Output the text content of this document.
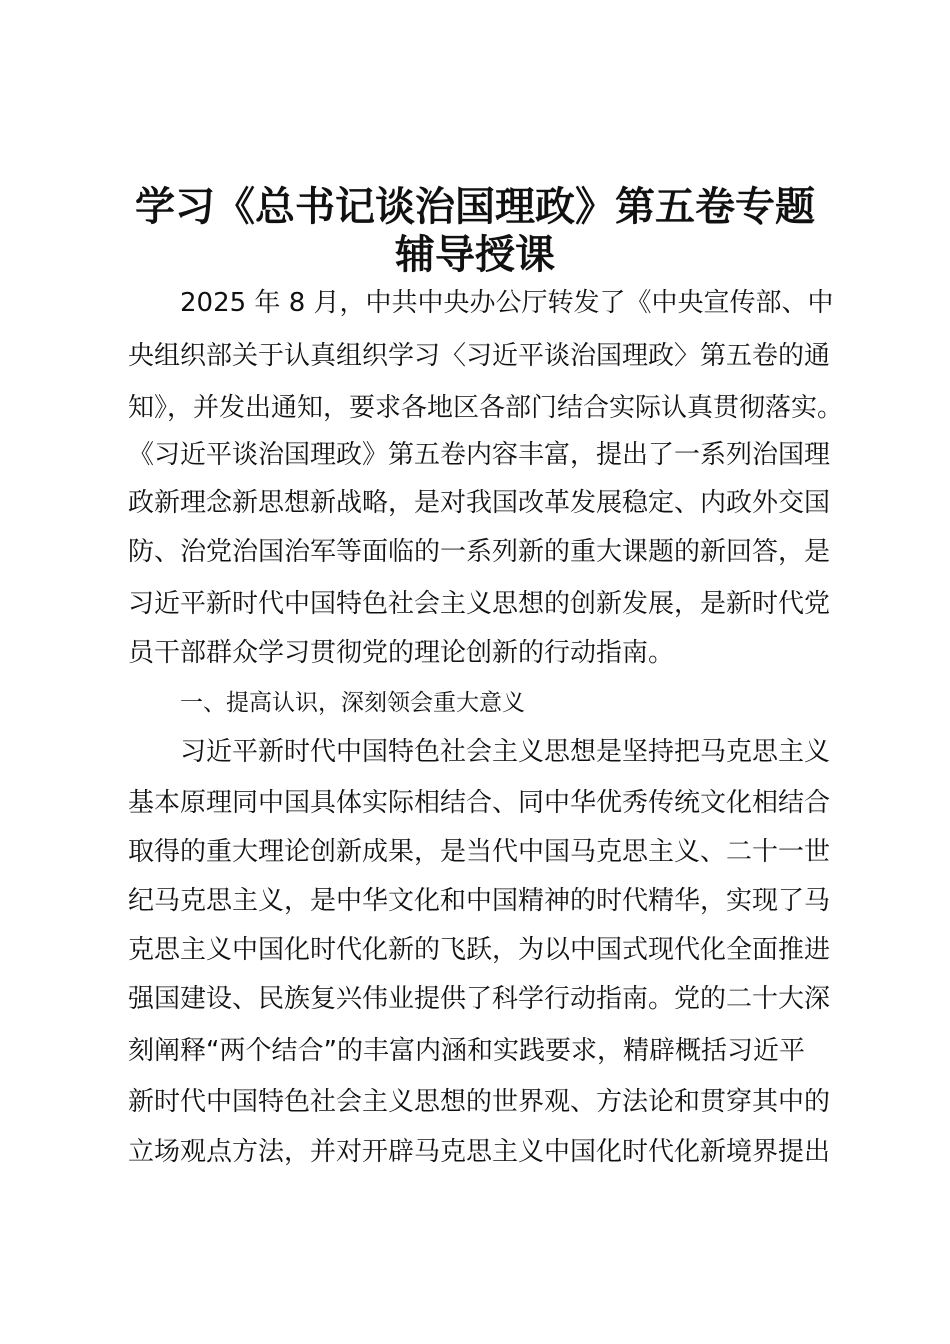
学习《总书记谈治国理政》第五卷专题
辅导授课
2025 年 8 月，中共中央办公厅转发了《中央宣传部、中
央组织部关于认真组织学习〈习近平谈治国理政〉第五卷的通
知》，并发出通知，要求各地区各部门结合实际认真贯彻落实。
《习近平谈治国理政》第五卷内容丰富，提出了一系列治国理
政新理念新思想新战略，是对我国改革发展稳定、内政外交国
防、治党治国治军等面临的一系列新的重大课题的新回答，是
习近平新时代中国特色社会主义思想的创新发展，是新时代党
员干部群众学习贯彻党的理论创新的行动指南。
一、提高认识，深刻领会重大意义
习近平新时代中国特色社会主义思想是坚持把马克思主义
基本原理同中国具体实际相结合、同中华优秀传统文化相结合
取得的重大理论创新成果，是当代中国马克思主义、二十一世
纪马克思主义，是中华文化和中国精神的时代精华，实现了马
克思主义中国化时代化新的飞跃，为以中国式现代化全面推进
强国建设、民族复兴伟业提供了科学行动指南。党的二十大深
刻阐释“两个结合”的丰富内涵和实践要求，精辟概括习近平
新时代中国特色社会主义思想的世界观、方法论和贯穿其中的
立场观点方法，并对开辟马克思主义中国化时代化新境界提出
